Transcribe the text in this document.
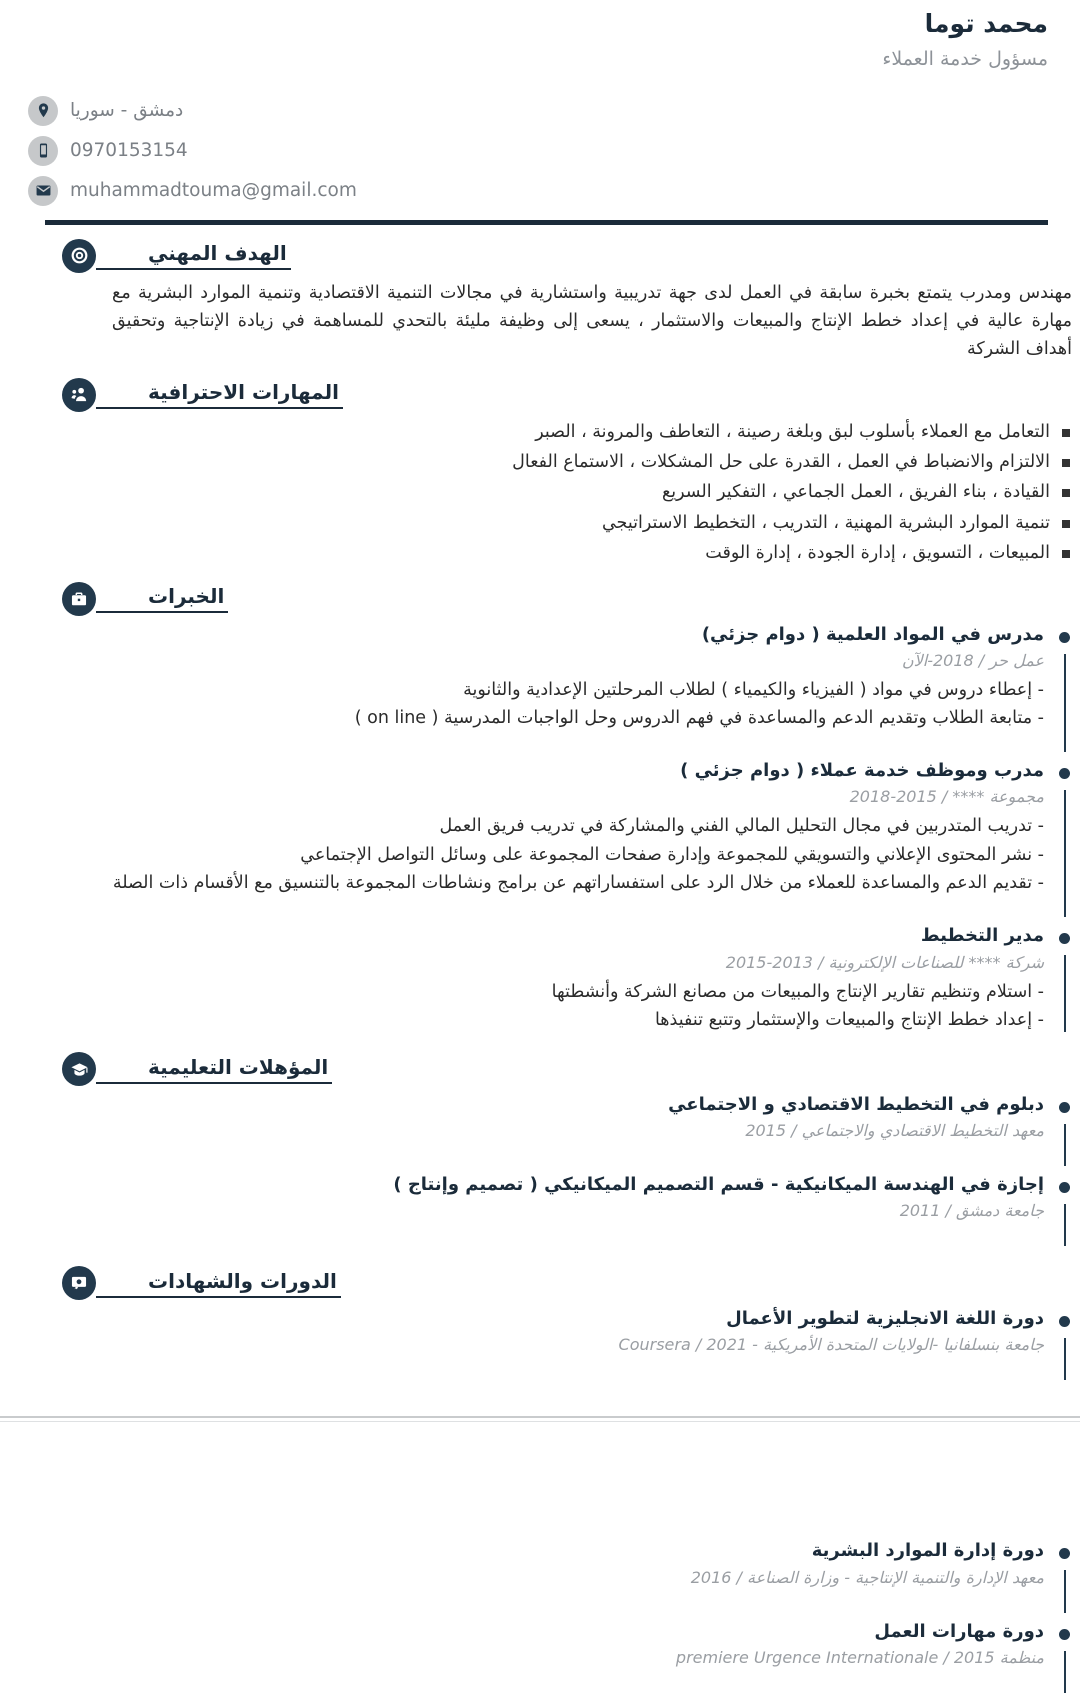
محمد توما
مسؤول خدمة العملاء
دمشق - سوريا
0970153154
muhammadtouma@gmail.com
الهدف المهني

مهندس ومدرب يتمتع بخبرة سابقة في العمل لدى جهة تدريبية واستشارية في مجالات التنمية الاقتصادية وتنمية الموارد البشرية مع مهارة عالية في إعداد خطط الإنتاج والمبيعات والاستثمار ، يسعى إلى وظيفة مليئة بالتحدي للمساهمة في زيادة الإنتاجية وتحقيق أهداف الشركة

المهارات الاحترافية
التعامل مع العملاء بأسلوب لبق وبلغة رصينة ، التعاطف والمرونة ، الصبر
الالتزام والانضباط في العمل ، القدرة على حل المشكلات ، الاستماع الفعال
القيادة ، بناء الفريق ، العمل الجماعي ، التفكير السريع
تنمية الموارد البشرية المهنية ، التدريب ، التخطيط الاستراتيجي
المبيعات ، التسويق ، إدارة الجودة ، إدارة الوقت
الخبرات
مدرس في المواد العلمية ( دوام جزئي)
عمل حر / 2018-الآن
- إعطاء دروس في مواد ( الفيزياء والكيمياء ) لطلاب المرحلتين الإعدادية والثانوية
- متابعة الطلاب وتقديم الدعم والمساعدة في فهم الدروس وحل الواجبات المدرسية ( on line )
مدرب وموظف خدمة عملاء ( دوام جزئي )
مجموعة **** / 2015-2018
- تدريب المتدربين في مجال التحليل المالي الفني والمشاركة في تدريب فريق العمل
- نشر المحتوى الإعلاني والتسويقي للمجموعة وإدارة صفحات المجموعة على وسائل التواصل الإجتماعي
- تقديم الدعم والمساعدة للعملاء من خلال الرد على استفساراتهم عن برامج ونشاطات المجموعة بالتنسيق مع الأقسام ذات الصلة
مدير التخطيط
شركة **** للصناعات الإلكترونية / 2013-2015
- استلام وتنظيم تقارير الإنتاج والمبيعات من مصانع الشركة وأنشطتها
- إعداد خطط الإنتاج والمبيعات والإستثمار وتتبع تنفيذها
المؤهلات التعليمية
دبلوم في التخطيط الاقتصادي و الاجتماعي
معهد التخطيط الاقتصادي والاجتماعي / 2015
إجازة في الهندسة الميكانيكية - قسم التصميم الميكانيكي ( تصميم وإنتاج )
جامعة دمشق / 2011
الدورات والشهادات
دورة اللغة الانجليزية لتطوير الأعمال
جامعة بنسلفانيا -الولايات المتحدة الأمريكية - 2021 / Coursera
دورة إدارة الموارد البشرية
معهد الإدارة والتنمية الإنتاجية - وزارة الصناعة / 2016
دورة مهارات العمل
منظمة premiere Urgence Internationale / 2015
